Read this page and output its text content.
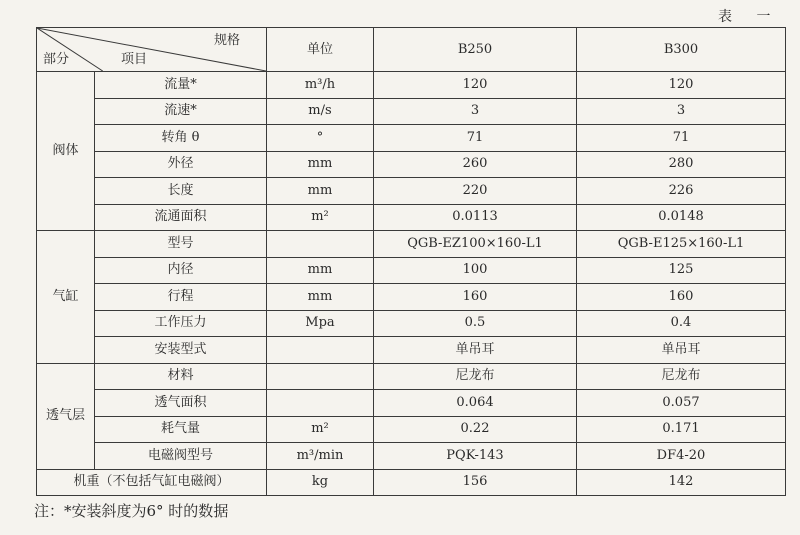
表 一
规格
项目
部分		单位	B250	B300
阀体	流量*	m³/h	120	120
	流速*	m/s	3	3
	转角 θ	°	71	71
	外径	mm	260	280
	长度	mm	220	226
	流通面积	m²	0.0113	0.0148
气缸	型号		QGB-EZ100×160-L1	QGB-E125×160-L1
	内径	mm	100	125
	行程	mm	160	160
	工作压力	Mpa	0.5	0.4
	安装型式		单吊耳	单吊耳
透气层	材料		尼龙布	尼龙布
	透气面积		0.064	0.057
	耗气量	m²	0.22	0.171
	电磁阀型号	m³/min	PQK-143	DF4-20
机重（不包括气缸电磁阀）		kg	156	142
注：*安装斜度为6° 时的数据
